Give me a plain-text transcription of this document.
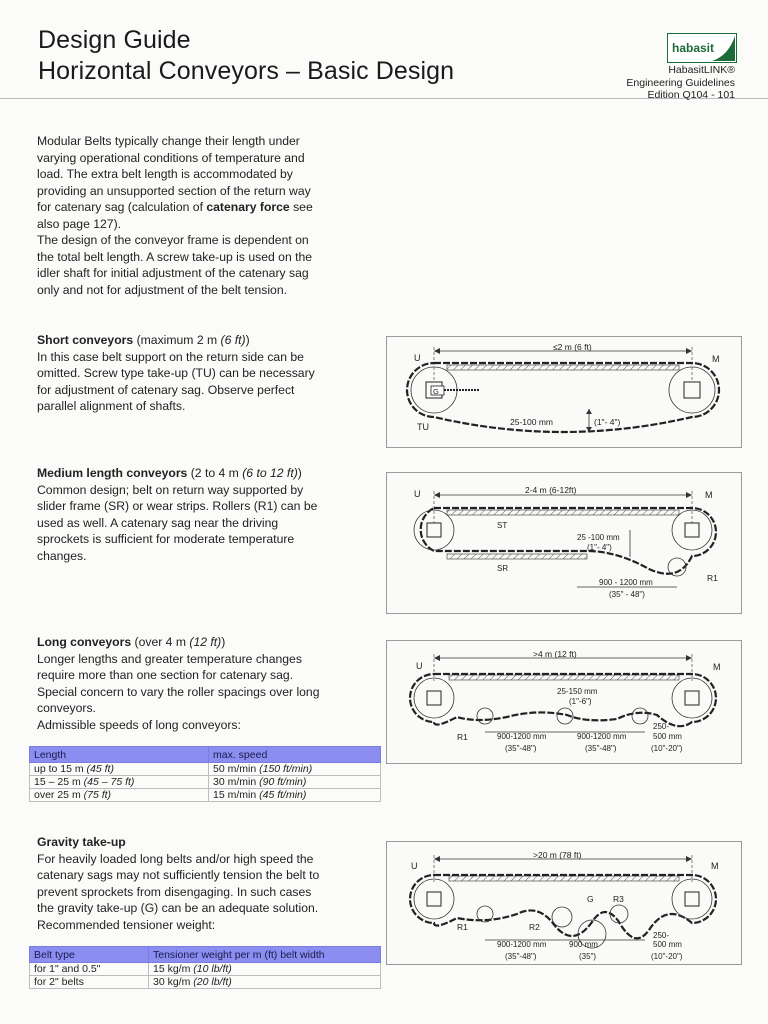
Design Guide
Horizontal Conveyors – Basic Design
habasit
HabasitLINK®
Engineering Guidelines
Edition Q104 - 101

Modular Belts typically change their length under

varying operational conditions of temperature and

load. The extra belt length is accommodated by

providing an unsupported section of the return way

for catenary sag (calculation of catenary force see

also page 127).

The design of the conveyor frame is dependent on

the total belt length. A screw take-up is used on the

idler shaft for initial adjustment of the catenary sag

only and not for adjustment of the belt tension.

Short conveyors (maximum 2 m (6 ft))

In this case belt support on the return side can be

omitted. Screw type take-up (TU) can be necessary

for adjustment of catenary sag. Observe perfect

parallel alignment of shafts.

≤2 m (6 ft)
U	M
G
TU	25-100 mm	(1"- 4")

Medium length conveyors (2 to 4 m (6 to 12 ft))

Common design; belt on return way supported by

slider frame (SR) or wear strips. Rollers (R1) can be

used as well. A catenary sag near the driving

sprockets is sufficient for moderate temperature

changes.

2-4 m (6-12ft)
U	M
ST
SR
R1
25 -100 mm
(1"- 4")
900 - 1200 mm
(35" - 48")

Long conveyors (over 4 m (12 ft))

Longer lengths and greater temperature changes

require more than one section for catenary sag.

Special concern to vary the roller spacings over long

conveyors.

Admissible speeds of long conveyors:

Length	max. speed
up to 15 m (45 ft)	50 m/min (150 ft/min)
15 – 25 m (45 – 75 ft)	30 m/min (90 ft/min)
over 25 m (75 ft)	15 m/min (45 ft/min)
>4 m (12 ft)
U	M
R1
25-150 mm
(1"-6")
900-1200 mm
(35"-48")
900-1200 mm
(35"-48")
250-
500 mm
(10"-20")

Gravity take-up

For heavily loaded long belts and/or high speed the

catenary sags may not sufficiently tension the belt to

prevent sprockets from disengaging. In such cases

the gravity take-up (G) can be an adequate solution.

Recommended tensioner weight:

Belt type	Tensioner weight per m (ft) belt width
for 1" and 0.5"	15 kg/m (10 lb/ft)
for 2" belts	30 kg/m (20 lb/ft)
>20 m (78 ft)
U	M
R1	R2
R3
G
900-1200 mm
(35"-48")
900 mm
(35")
250-
500 mm
(10"-20")
